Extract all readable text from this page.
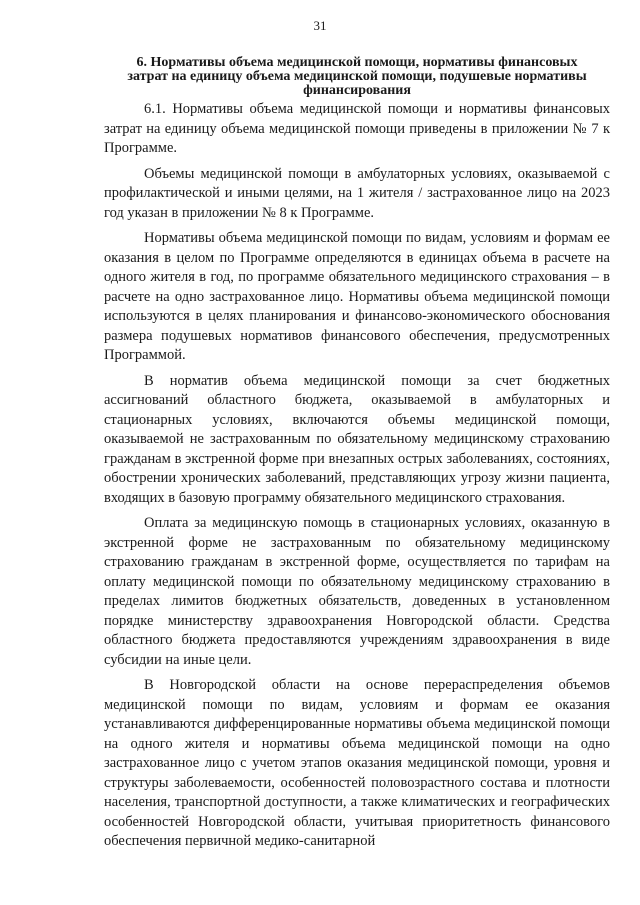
31
6. Нормативы объема медицинской помощи, нормативы финансовых затрат на единицу объема медицинской помощи, подушевые нормативы финансирования

6.1. Нормативы объема медицинской помощи и нормативы финансовых затрат на единицу объема медицинской помощи приведены в приложении № 7 к Программе.

Объемы медицинской помощи в амбулаторных условиях, оказываемой с профилактической и иными целями, на 1 жителя / застрахованное лицо на 2023 год указан в приложении № 8 к Программе.

Нормативы объема медицинской помощи по видам, условиям и формам ее оказания в целом по Программе определяются в единицах объема в расчете на одного жителя в год, по программе обязательного медицинского страхования – в расчете на одно застрахованное лицо. Нормативы объема медицинской помощи используются в целях планирования и финансово-экономического обоснования размера подушевых нормативов финансового обеспечения, предусмотренных Программой.

В норматив объема медицинской помощи за счет бюджетных ассигнований областного бюджета, оказываемой в амбулаторных и стационарных условиях, включаются объемы медицинской помощи, оказываемой не застрахованным по обязательному медицинскому страхованию гражданам в экстренной форме при внезапных острых заболеваниях, состояниях, обострении хронических заболеваний, представляющих угрозу жизни пациента, входящих в базовую программу обязательного медицинского страхования.

Оплата за медицинскую помощь в стационарных условиях, оказанную в экстренной форме не застрахованным по обязательному медицинскому страхованию гражданам в экстренной форме, осуществляется по тарифам на оплату медицинской помощи по обязательному медицинскому страхованию в пределах лимитов бюджетных обязательств, доведенных в установленном порядке министерству здравоохранения Новгородской области. Средства областного бюджета предоставляются учреждениям здравоохранения в виде субсидии на иные цели.

В Новгородской области на основе перераспределения объемов медицинской помощи по видам, условиям и формам ее оказания устанавливаются дифференцированные нормативы объема медицинской помощи на одного жителя и нормативы объема медицинской помощи на одно застрахованное лицо с учетом этапов оказания медицинской помощи, уровня и структуры заболеваемости, особенностей половозрастного состава и плотности населения, транспортной доступности, а также климатических и географических особенностей Новгородской области, учитывая приоритетность финансового обеспечения первичной медико-санитарной
